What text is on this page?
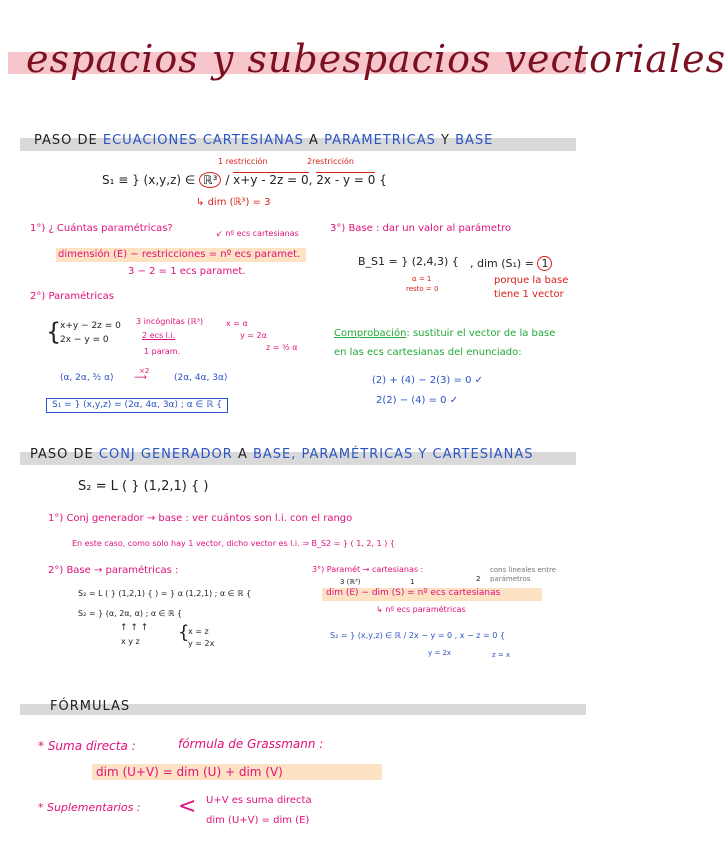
espacios y subespacios vectoriales
PASO DE ECUACIONES CARTESIANAS A PARAMETRICAS Y BASE
1 restricción	2restricción
S₁ ≡ } (x,y,z) ∈ ℝ³ / x+y - 2z = 0, 2x - y = 0 {
↳ dim (ℝ³) = 3
1°) ¿ Cuántas paramétricas?	↙ nº ecs cartesianas
dimensión (E) − restricciones = nº ecs paramet.
3 − 2 = 1 ecs paramet.
3°) Base : dar un valor al parámetro
B_S1 = } (2,4,3) {
α = 1
resto = 0
, dim (S₁) = 1
porque la base
tiene 1 vector
2°) Paramétricas
{
x+y − 2z = 0
2x − y = 0
3 incógnitas (ℝ³)
2 ecs l.i.
1 param.
x = α
y = 2α
z = ³⁄₂ α
(α, 2α, ³⁄₂ α)
×2
⟶	(2α, 4α, 3α)
S₁ = } (x,y,z) = (2α, 4α, 3α) ; α ∈ ℝ {
Comprobación: sustituir el vector de la base
en las ecs cartesianas del enunciado:
(2) + (4) − 2(3) = 0 ✓
2(2) − (4) = 0 ✓
PASO DE CONJ GENERADOR A BASE, PARAMÉTRICAS Y CARTESIANAS
S₂ = L ( } (1,2,1) { )
1°) Conj generador → base : ver cuántos son l.i. con el rango
En este caso, como solo hay 1 vector, dicho vector es l.i. ⇒ B_S2 = } ( 1, 2, 1 ) {
2°) Base → paramétricas :
S₂ = L ( } (1,2,1) { ) = } α (1,2,1) ; α ∈ ℝ {
S₂ = } (α, 2α, α) ; α ∈ ℝ {
↑ ↑ ↑
x y z {
x = z
y = 2x
3°) Paramét → cartesianas :	cons lineales entre parámetros
3 (ℝ³)	1	2
dim (E) − dim (S) = nº ecs cartesianas
↳ nº ecs paramétricas
S₂ = } (x,y,z) ∈ ℝ / 2x − y = 0 , x − z = 0 {
y = 2x	z = x
FÓRMULAS
* Suma directa :	fórmula de Grassmann :
dim (U+V) = dim (U) + dim (V)
* Suplementarios : < U+V es suma directa
dim (U+V) = dim (E)
